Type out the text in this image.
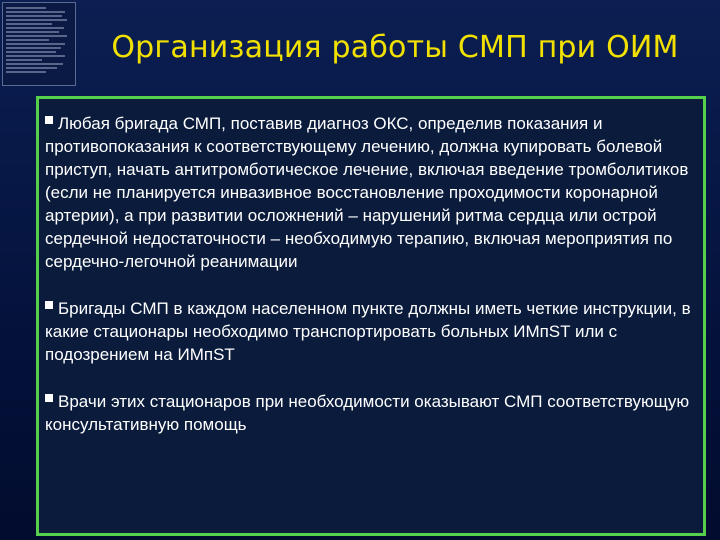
Организация работы СМП при ОИМ

Любая бригада СМП, поставив диагноз ОКС, определив показания и противопоказания к соответствующему лечению, должна купировать болевой приступ, начать антитромботическое лечение, включая введение тромболитиков (если не планируется инвазивное восстановление проходимости коронарной артерии), а при развитии осложнений – нарушений ритма сердца или острой сердечной недостаточности – необходимую терапию, включая мероприятия по сердечно-легочной реанимации

Бригады СМП в каждом населенном пункте должны иметь четкие инструкции, в какие стационары необходимо транспортировать больных ИМпST или с подозрением на ИМпST

Врачи этих стационаров при необходимости оказывают СМП соответствующую консультативную помощь
